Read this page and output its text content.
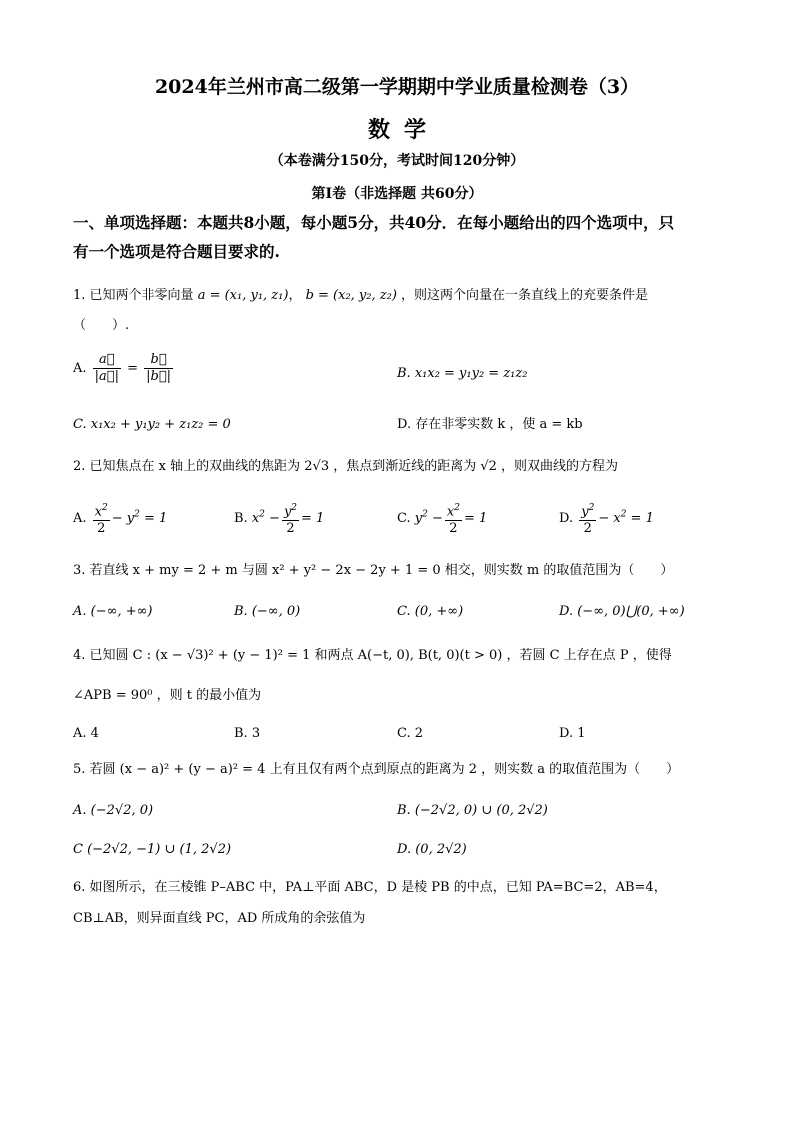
2024年兰州市高二级第一学期期中学业质量检测卷（3）
数学
（本卷满分150分，考试时间120分钟）
第I卷（非选择题 共60分）
一、单项选择题：本题共8小题，每小题5分，共40分．在每小题给出的四个选项中，只
有一个选项是符合题目要求的.
1. 已知两个非零向量 a = (x₁, y₁, z₁)， b = (x₂, y₂, z₂) ，则这两个向量在一条直线上的充要条件是
（　　）.
A. $\frac{a⃗}{|a⃗|} = \frac{b⃗}{|b⃗|}$	B. x₁x₂ = y₁y₂ = z₁z₂
C. x₁x₂ + y₁y₂ + z₁z₂ = 0	D. 存在非零实数 k ，使 a = kb
2. 已知焦点在 x 轴上的双曲线的焦距为 2√3 ，焦点到渐近线的距离为 √2 ，则双曲线的方程为
A. $\frac{x^2}{2} - y^2 = 1$	B. $x^2 - \frac{y^2}{2} = 1$	C. $y^2 - \frac{x^2}{2} = 1$	D. $\frac{y^2}{2} - x^2 = 1$
3. 若直线 x + my = 2 + m 与圆 x² + y² − 2x − 2y + 1 = 0 相交，则实数 m 的取值范围为（　　）
A. (−∞, +∞)	B. (−∞, 0)	C. (0, +∞)	D. (−∞, 0)⋃(0, +∞)
4. 已知圆 C : (x − √3)² + (y − 1)² = 1 和两点 A(−t, 0), B(t, 0)(t > 0) ，若圆 C 上存在点 P ，使得
∠APB = 90⁰ ，则 t 的最小值为
A. 4	B. 3	C. 2	D. 1
5. 若圆 (x − a)² + (y − a)² = 4 上有且仅有两个点到原点的距离为 2 ，则实数 a 的取值范围为（　　）
A. (−2√2, 0)	B. (−2√2, 0) ∪ (0, 2√2)
C (−2√2, −1) ∪ (1, 2√2)	D. (0, 2√2)
6. 如图所示，在三棱锥 P–ABC 中，PA⊥平面 ABC，D 是棱 PB 的中点，已知 PA=BC=2，AB=4，
CB⊥AB，则异面直线 PC，AD 所成角的余弦值为
